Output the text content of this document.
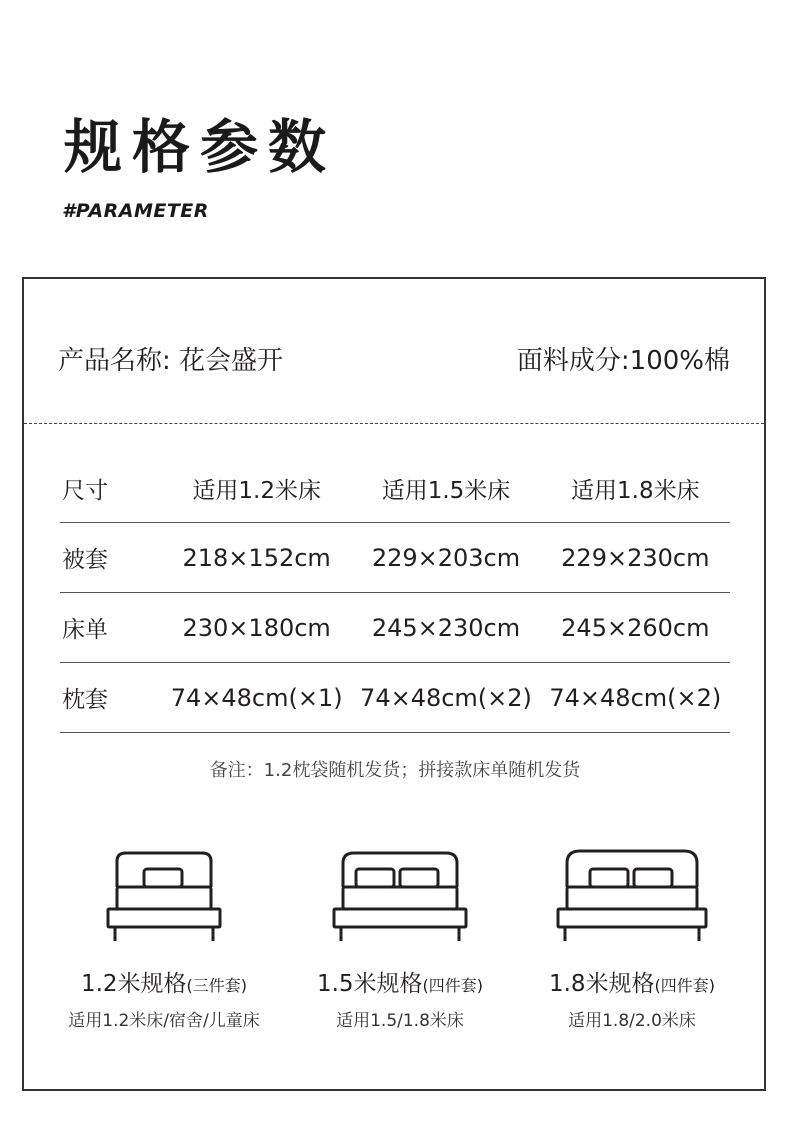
规格参数
#PARAMETER
产品名称: 花会盛开	面料成分:100%棉
尺寸	适用1.2米床	适用1.5米床	适用1.8米床
被套	218×152cm	229×203cm	229×230cm
床单	230×180cm	245×230cm	245×260cm
枕套	74×48cm(×1) 74×48cm(×2) 74×48cm(×2)
备注：1.2枕袋随机发货；拼接款床单随机发货
1.2米规格(三件套)
适用1.2米床/宿舍/儿童床
1.5米规格(四件套)
适用1.5/1.8米床
1.8米规格(四件套)
适用1.8/2.0米床
